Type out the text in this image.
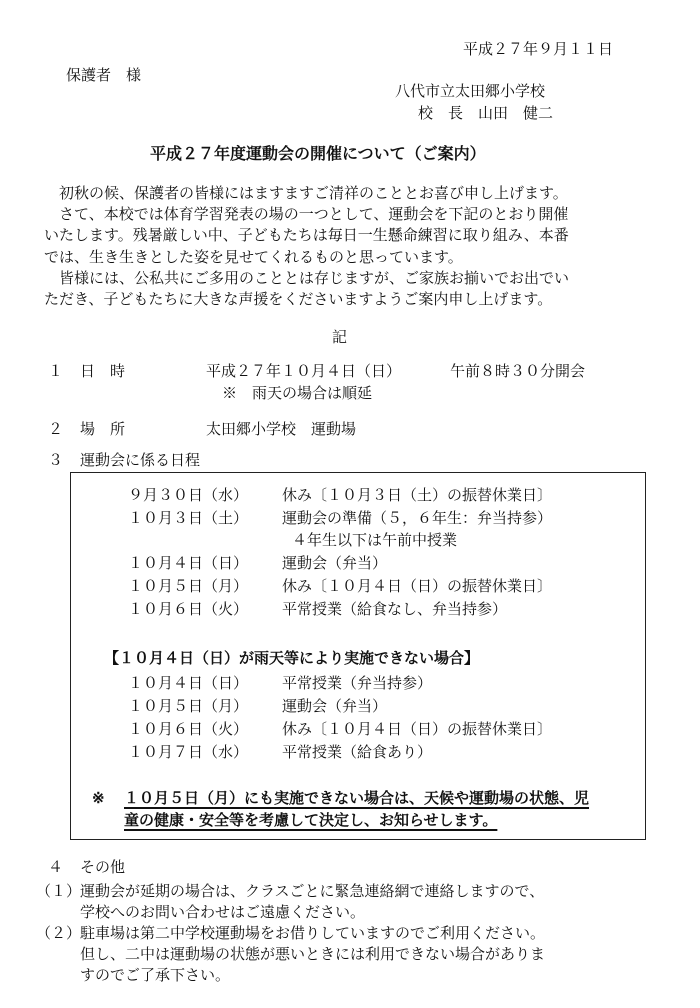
平成２７年９月１１日
保護者　様
八代市立太田郷小学校
校　長　山田　健二
平成２７年度運動会の開催について（ご案内）
　初秋の候、保護者の皆様にはますますご清祥のこととお喜び申し上げます。
　さて、本校では体育学習発表の場の一つとして、運動会を下記のとおり開催
いたします。残暑厳しい中、子どもたちは毎日一生懸命練習に取り組み、本番
では、生き生きとした姿を見せてくれるものと思っています。
　皆様には、公私共にご多用のこととは存じますが、ご家族お揃いでお出でい
ただき、子どもたちに大きな声援をくださいますようご案内申し上げます。
記
１ 日　時	平成２７年１０月４日（日）	午前８時３０分開会
※　雨天の場合は順延
２ 場　所	太田郷小学校　運動場
３ 運動会に係る日程
９月３０日（水） 休み〔１０月３日（土）の振替休業日〕
１０月３日（土） 運動会の準備（５，６年生：弁当持参）
４年生以下は午前中授業
１０月４日（日） 運動会（弁当）
１０月５日（月） 休み〔１０月４日（日）の振替休業日〕
１０月６日（火） 平常授業（給食なし、弁当持参）
【１０月４日（日）が雨天等により実施できない場合】
１０月４日（日） 平常授業（弁当持参）
１０月５日（月） 運動会（弁当）
１０月６日（火） 休み〔１０月４日（日）の振替休業日〕
１０月７日（水） 平常授業（給食あり）
※ １０月５日（月）にも実施できない場合は、天候や運動場の状態、児
童の健康・安全等を考慮して決定し、お知らせします。
４ その他
（１）
運動会が延期の場合は、クラスごとに緊急連絡網で連絡しますので、
学校へのお問い合わせはご遠慮ください。
（２）
駐車場は第二中学校運動場をお借りしていますのでご利用ください。
但し、二中は運動場の状態が悪いときには利用できない場合がありま
すのでご了承下さい。
